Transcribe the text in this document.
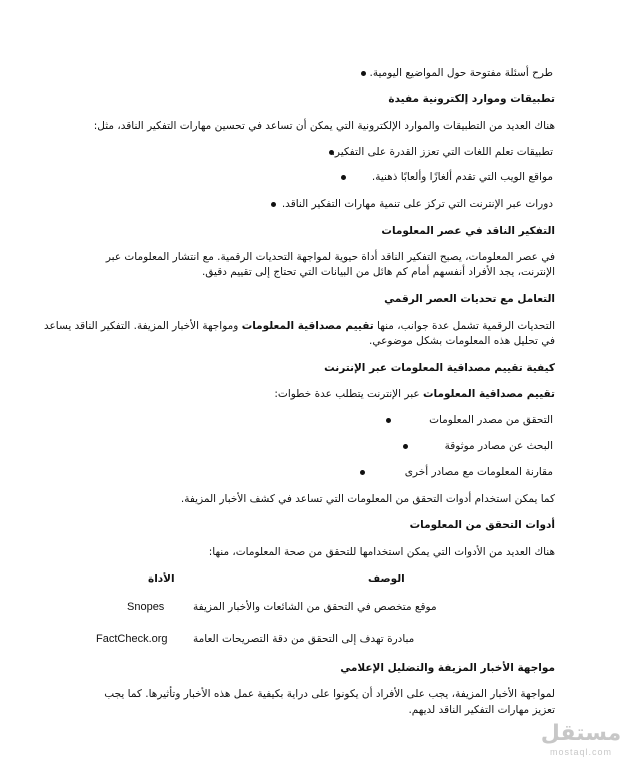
طرح أسئلة مفتوحة حول المواضيع اليومية.
تطبيقات وموارد إلكترونية مفيدة
هناك العديد من التطبيقات والموارد الإلكترونية التي يمكن أن تساعد في تحسين مهارات التفكير الناقد، مثل:
تطبيقات تعلم اللغات التي تعزز القدرة على التفكير.
مواقع الويب التي تقدم ألغازًا وألعابًا ذهنية.
دورات عبر الإنترنت التي تركز على تنمية مهارات التفكير الناقد.
التفكير الناقد في عصر المعلومات
في عصر المعلومات، يصبح التفكير الناقد أداة حيوية لمواجهة التحديات الرقمية. مع انتشار المعلومات عبر
الإنترنت، يجد الأفراد أنفسهم أمام كم هائل من البيانات التي تحتاج إلى تقييم دقيق.
التعامل مع تحديات العصر الرقمي
التحديات الرقمية تشمل عدة جوانب، منها تقييم مصداقية المعلومات ومواجهة الأخبار المزيفة. التفكير الناقد يساعد
في تحليل هذه المعلومات بشكل موضوعي.
كيفية تقييم مصداقية المعلومات عبر الإنترنت
تقييم مصداقية المعلومات عبر الإنترنت يتطلب عدة خطوات:
التحقق من مصدر المعلومات
البحث عن مصادر موثوقة
مقارنة المعلومات مع مصادر أخرى
كما يمكن استخدام أدوات التحقق من المعلومات التي تساعد في كشف الأخبار المزيفة.
أدوات التحقق من المعلومات
هناك العديد من الأدوات التي يمكن استخدامها للتحقق من صحة المعلومات، منها:
الأداة	الوصف
Snopes	موقع متخصص في التحقق من الشائعات والأخبار المزيفة
FactCheck.org مبادرة تهدف إلى التحقق من دقة التصريحات العامة
مواجهة الأخبار المزيفة والتضليل الإعلامي
لمواجهة الأخبار المزيفة، يجب على الأفراد أن يكونوا على دراية بكيفية عمل هذه الأخبار وتأثيرها. كما يجب
تعزيز مهارات التفكير الناقد لديهم.
مستقل
mostaql.com
